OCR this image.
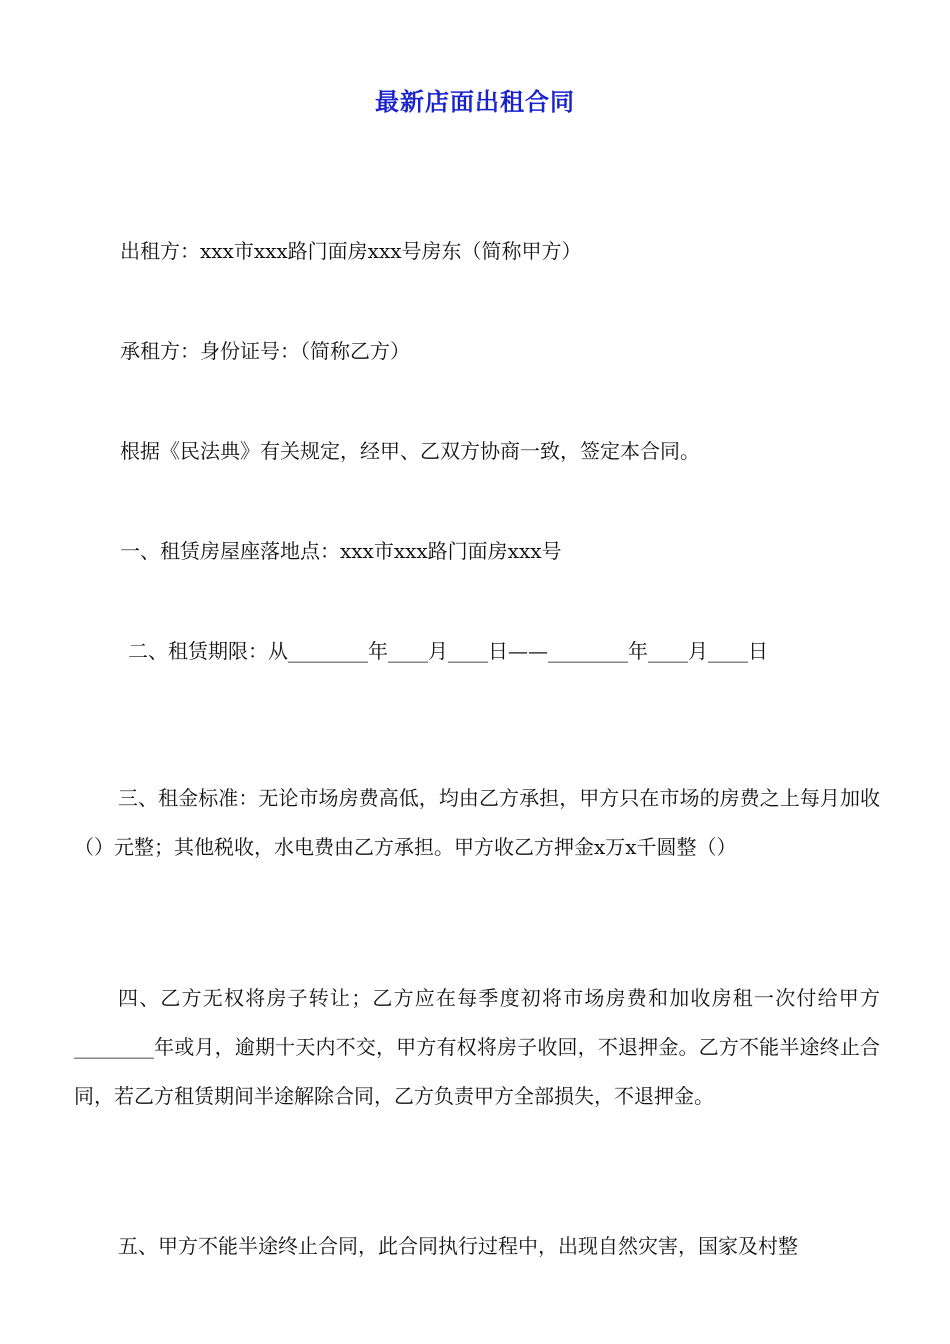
最新店面出租合同
出租方：xxx市xxx路门面房xxx号房东（简称甲方）
承租方：身份证号：（简称乙方）
根据《民法典》有关规定，经甲、乙双方协商一致，签定本合同。
一、租赁房屋座落地点：xxx市xxx路门面房xxx号
二、租赁期限：从________年____月____日——________年____月____日
三、租金标准：无论市场房费高低，均由乙方承担，甲方只在市场的房费之上每月加收（）元整；其他税收，水电费由乙方承担。甲方收乙方押金x万x千圆整（）
四、乙方无权将房子转让；乙方应在每季度初将市场房费和加收房租一次付给甲方________年或月，逾期十天内不交，甲方有权将房子收回，不退押金。乙方不能半途终止合同，若乙方租赁期间半途解除合同，乙方负责甲方全部损失，不退押金。
五、甲方不能半途终止合同，此合同执行过程中，出现自然灾害，国家及村整
